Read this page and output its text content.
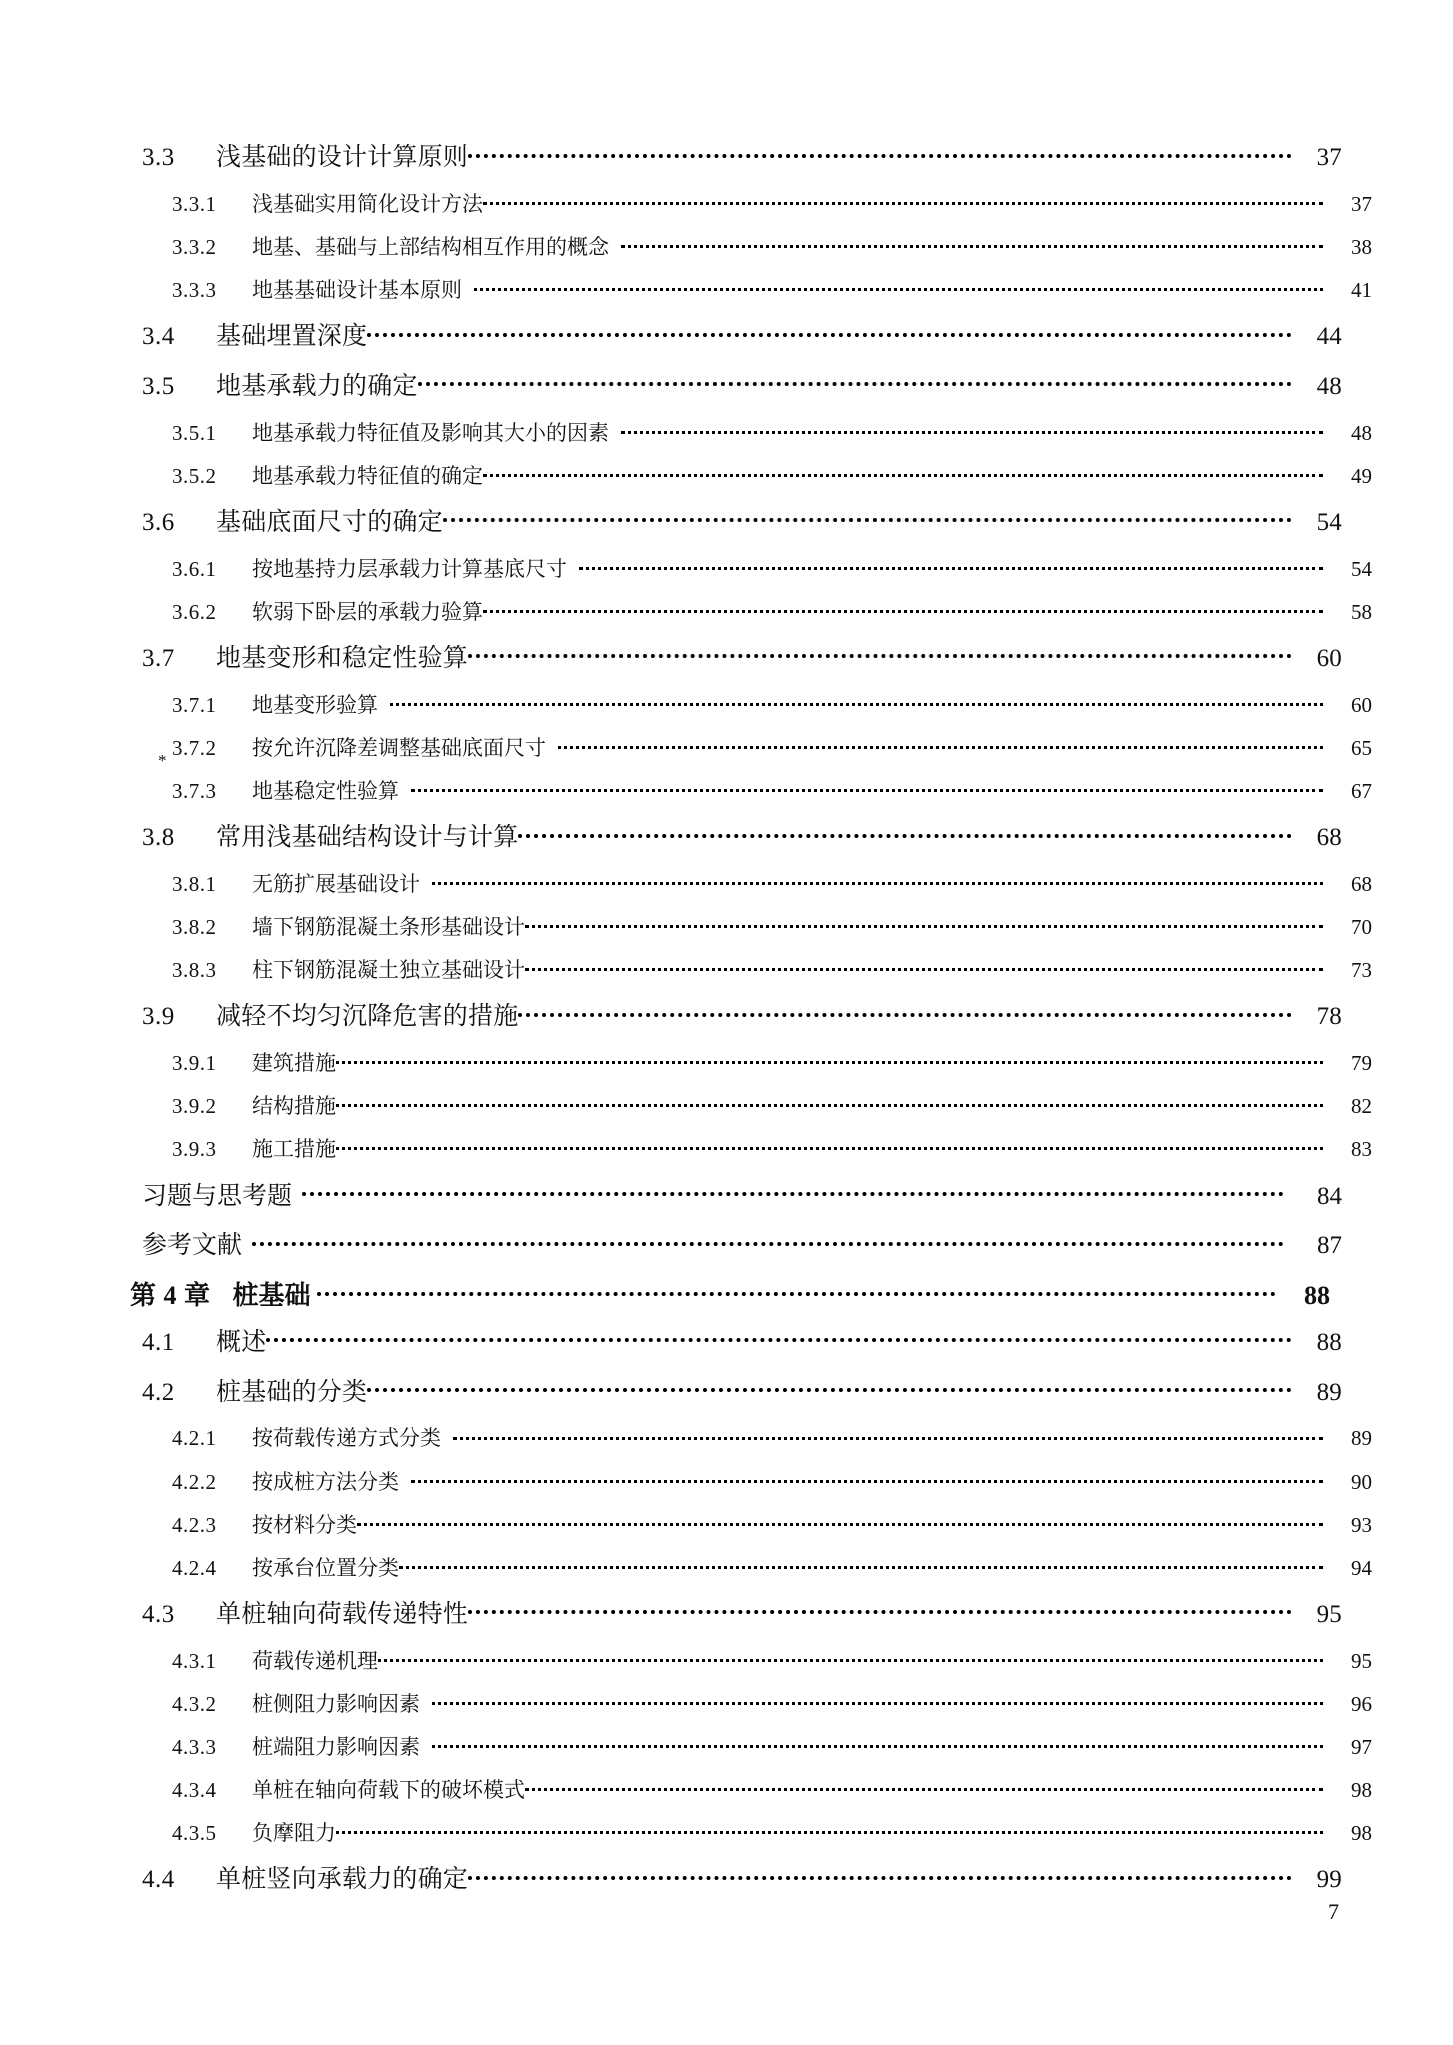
3.3	浅基础的设计计算原则	37
3.3.1	浅基础实用简化设计方法	37
3.3.2	地基、基础与上部结构相互作用的概念	38
3.3.3	地基基础设计基本原则	41
3.4	基础埋置深度	44
3.5	地基承载力的确定	48
3.5.1	地基承载力特征值及影响其大小的因素	48
3.5.2	地基承载力特征值的确定	49
3.6	基础底面尺寸的确定	54
3.6.1	按地基持力层承载力计算基底尺寸	54
3.6.2	软弱下卧层的承载力验算	58
3.7	地基变形和稳定性验算	60
3.7.1	地基变形验算	60
*
3.7.2	按允许沉降差调整基础底面尺寸	65
3.7.3	地基稳定性验算	67
3.8	常用浅基础结构设计与计算	68
3.8.1	无筋扩展基础设计	68
3.8.2	墙下钢筋混凝土条形基础设计	70
3.8.3	柱下钢筋混凝土独立基础设计	73
3.9	减轻不均匀沉降危害的措施	78
3.9.1	建筑措施	79
3.9.2	结构措施	82
3.9.3	施工措施	83
习题与思考题	84
参考文献	87
第 4 章 桩基础	88
4.1	概述	88
4.2	桩基础的分类	89
4.2.1	按荷载传递方式分类	89
4.2.2	按成桩方法分类	90
4.2.3	按材料分类	93
4.2.4	按承台位置分类	94
4.3	单桩轴向荷载传递特性	95
4.3.1	荷载传递机理	95
4.3.2	桩侧阻力影响因素	96
4.3.3	桩端阻力影响因素	97
4.3.4	单桩在轴向荷载下的破坏模式	98
4.3.5	负摩阻力	98
4.4	单桩竖向承载力的确定	99
7
